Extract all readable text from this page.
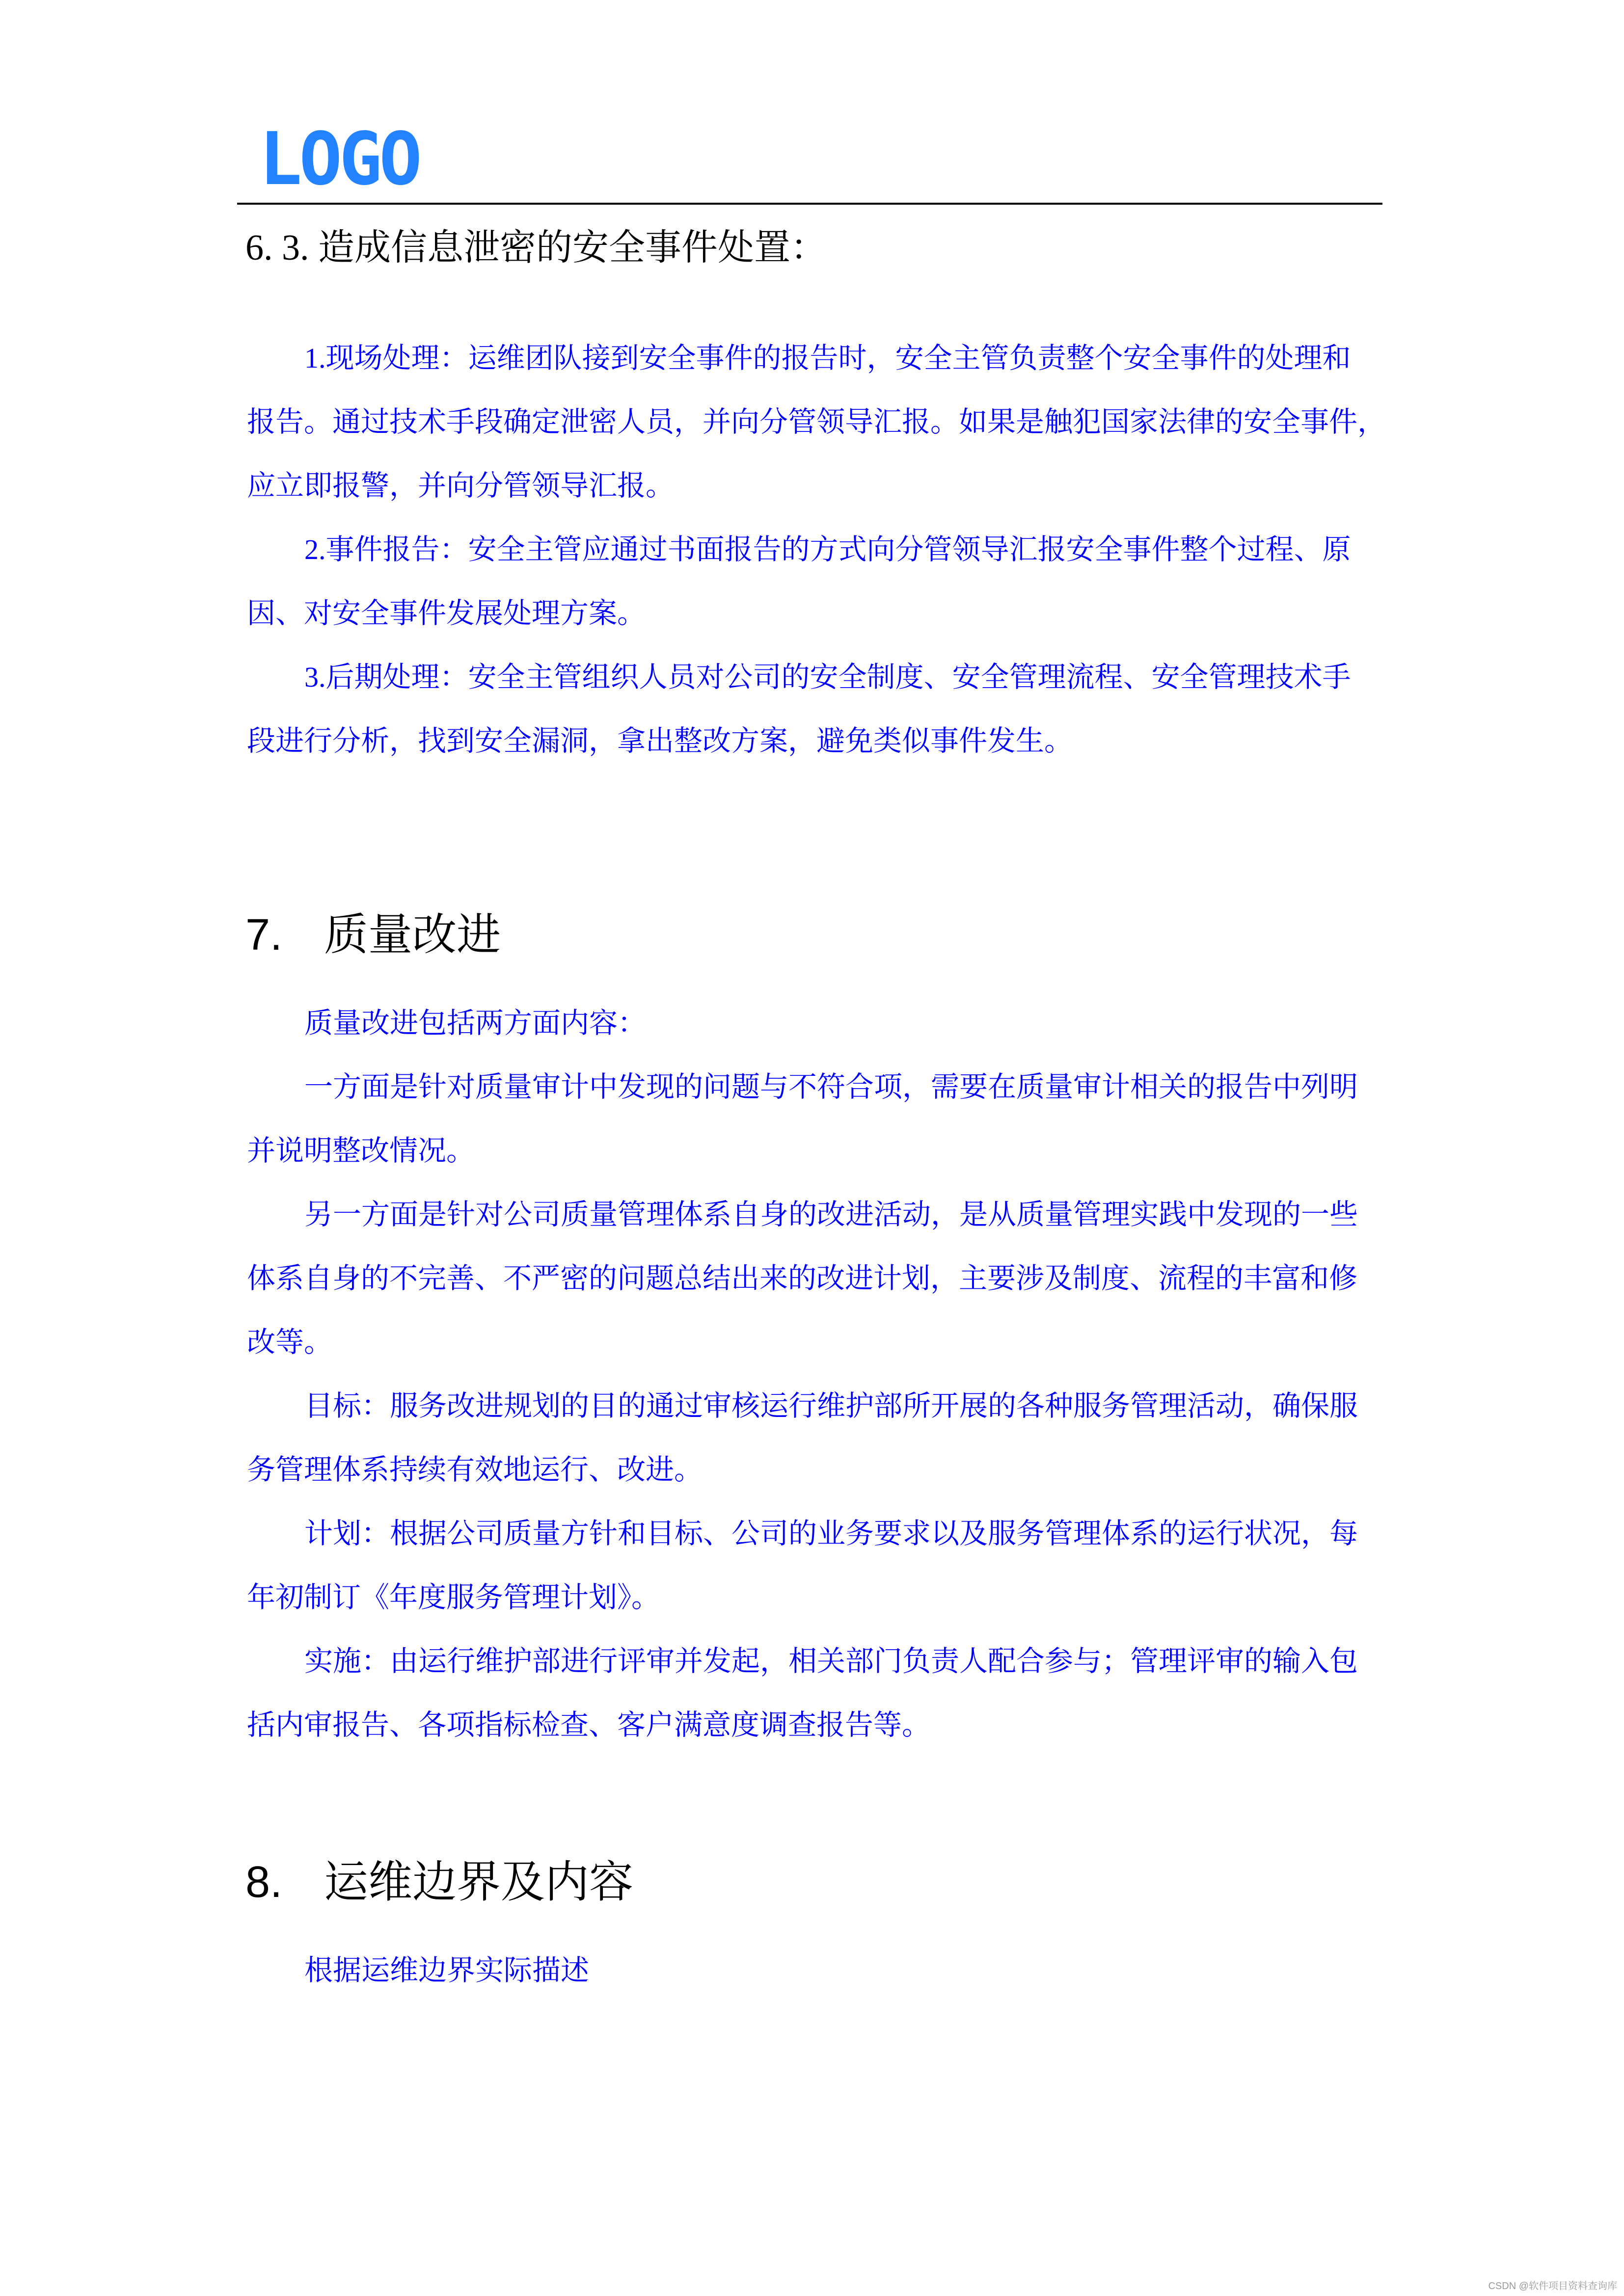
LOGO
6. 3. 造成信息泄密的安全事件处置：
1.现场处理：运维团队接到安全事件的报告时，安全主管负责整个安全事件的处理和
报告。通过技术手段确定泄密人员，并向分管领导汇报。如果是触犯国家法律的安全事件，
应立即报警，并向分管领导汇报。
2.事件报告：安全主管应通过书面报告的方式向分管领导汇报安全事件整个过程、原
因、对安全事件发展处理方案。
3.后期处理：安全主管组织人员对公司的安全制度、安全管理流程、安全管理技术手
段进行分析，找到安全漏洞，拿出整改方案，避免类似事件发生。
7. 质量改进
质量改进包括两方面内容：
一方面是针对质量审计中发现的问题与不符合项，需要在质量审计相关的报告中列明
并说明整改情况。
另一方面是针对公司质量管理体系自身的改进活动，是从质量管理实践中发现的一些
体系自身的不完善、不严密的问题总结出来的改进计划，主要涉及制度、流程的丰富和修
改等。
目标：服务改进规划的目的通过审核运行维护部所开展的各种服务管理活动，确保服
务管理体系持续有效地运行、改进。
计划：根据公司质量方针和目标、公司的业务要求以及服务管理体系的运行状况，每
年初制订《年度服务管理计划》。
实施：由运行维护部进行评审并发起，相关部门负责人配合参与；管理评审的输入包
括内审报告、各项指标检查、客户满意度调查报告等。
8. 运维边界及内容
根据运维边界实际描述
CSDN @软件项目资料查询库
